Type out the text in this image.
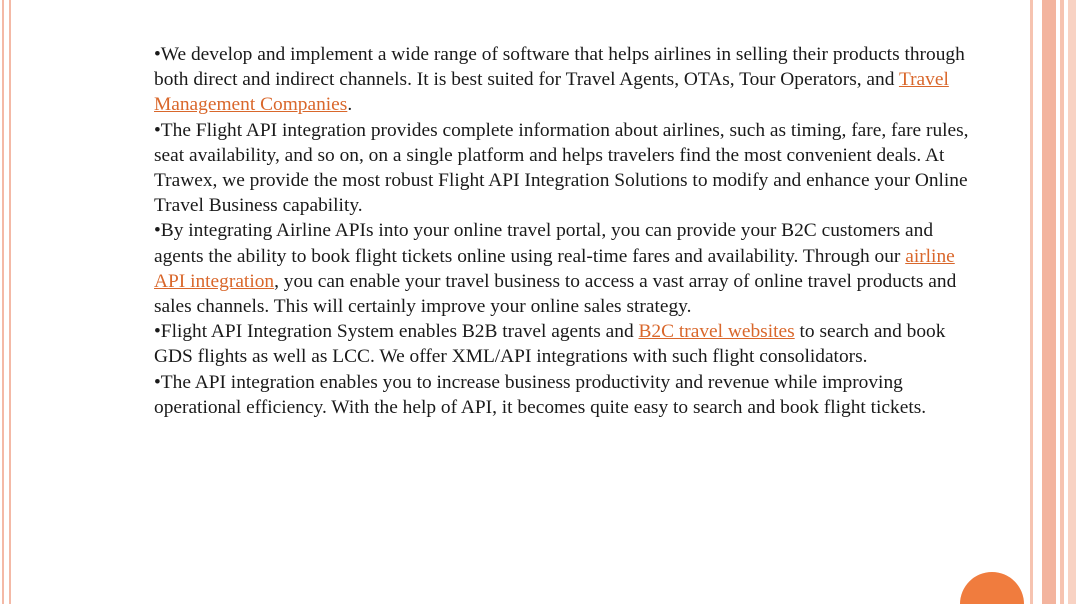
•We develop and implement a wide range of software that helps airlines in selling their products through both direct and indirect channels. It is best suited for Travel Agents, OTAs, Tour Operators, and Travel Management Companies.

•The Flight API integration provides complete information about airlines, such as timing, fare, fare rules, seat availability, and so on, on a single platform and helps travelers find the most convenient deals. At Trawex, we provide the most robust Flight API Integration Solutions to modify and enhance your Online Travel Business capability.

•By integrating Airline APIs into your online travel portal, you can provide your B2C customers and agents the ability to book flight tickets online using real-time fares and availability. Through our airline API integration, you can enable your travel business to access a vast array of online travel products and sales channels. This will certainly improve your online sales strategy.

•Flight API Integration System enables B2B travel agents and B2C travel websites to search and book GDS flights as well as LCC. We offer XML/API integrations with such flight consolidators.

•The API integration enables you to increase business productivity and revenue while improving operational efficiency. With the help of API, it becomes quite easy to search and book flight tickets.
